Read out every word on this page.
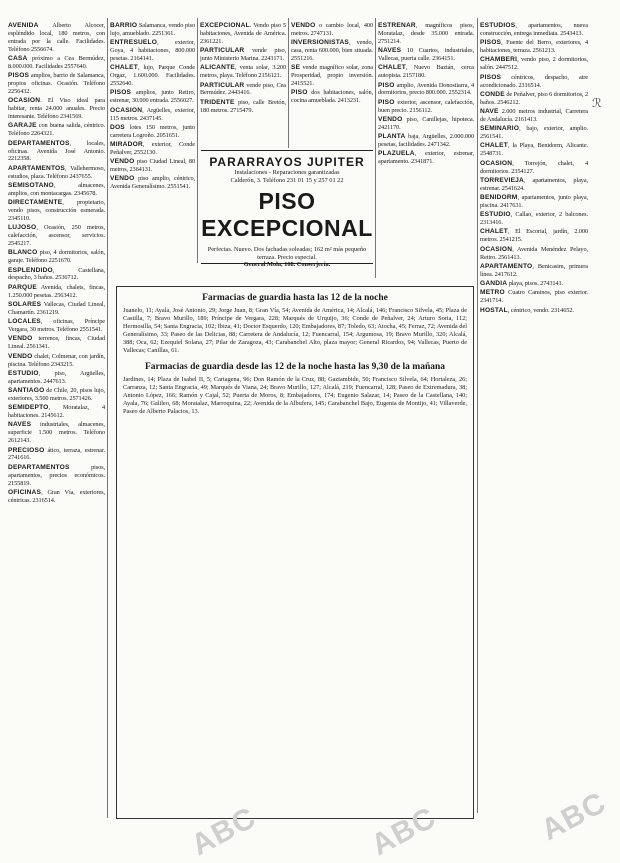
AVENIDA Alberto Alcocer, espléndido local, 180 metros, con entrada por la calle. Facilidades. Teléfono 2556674.

CASA próximo a Cea Bermúdez, 8.000.000. Facilidades 2557640.

PISOS amplios, barrio de Salamanca, propios oficinas. Ocasión. Teléfono 2256432.

OCASION. El Viso ideal para habitar, renta 24.000 anuales. Precio interesante. Teléfono 2341569.

GARAJE con buena salida, céntrico. Teléfono 2264321.

DEPARTAMENTOS, locales, oficinas. Avenida José Antonio. 2212358.

APARTAMENTOS, Vallehermoso, estudios, plaza. Teléfono 2437655.

SEMISOTANO, almacenes, amplios, con montacargas. 2345678.

DIRECTAMENTE, propietario, vendo pisos, construcción esmerada. 2345110.

LUJOSO, Ocasión, 250 metros, calefacción, ascensor, servicios. 2545217.

BLANCO piso, 4 dormitorios, salón, garaje. Teléfono 2251670.

ESPLENDIDO, Castellana, despacho, 3 baños. 2536712.

PARQUE Avenida, chalets, fincas, 1.250.000 pesetas. 2563412.

SOLARES Vallecas, Ciudad Lineal, Chamartín. 2361219.

LOCALES, oficinas, Príncipe Vergara, 30 metros. Teléfono 2551541.

VENDO terrenos, fincas, Ciudad Lineal. 2561341.

VENDO chalet, Colmenar, con jardín, piscina. Teléfono 2343215.

ESTUDIO, piso, Argüelles, apartamentos. 2447613.

SANTIAGO de Chile, 20, pisos lujo, exteriores, 3.500 metros. 2571426.

SEMIDEPTO, Moratalaz, 4 habitaciones. 2145612.

NAVES industriales, almacenes, superficie 1.500 metros. Teléfono 2612143.

PRECIOSO ático, terraza, estrenar. 2741616.

DEPARTAMENTOS pisos, apartamentos, precios económicos. 2155819.

OFICINAS, Gran Vía, exteriores, céntricas. 2316514.

BARRIO Salamanca, vendo piso lujo, amueblado. 2251361.

ENTRESUELO, exterior, Goya, 4 habitaciones, 800.000 pesetas. 2164141.

CHALET, lujo, Parque Conde Orgaz, 1.600.000. Facilidades. 2552640.

PISOS amplios, junto Retiro, estrenar, 30.000 entrada. 2556027.

OCASION, Argüelles, exterior, 115 metros. 2437145.

DOS lotes 150 metros, junto carretera Logroño. 2051651.

MIRADOR, exterior, Conde Peñalver, 2552130.

VENDO piso Ciudad Lineal, 80 metros, 2364131.

VENDO piso amplio, céntrico, Avenida Generalísimo. 2551541.

EXCEPCIONAL. Vendo piso 5 habitaciones, Avenida de América. 2361221.

PARTICULAR vende piso, junto Ministerio Marina. 2243171.

ALICANTE, venta solar, 3.200 metros, playa. Teléfono 2156121.

PARTICULAR vende piso, Cea Bermúdez. 2443416.

TRIDENTE piso, calle Bretón, 180 metros. 2715479.

VENDO o cambio local, 400 metros. 2747131.

INVERSIONISTAS, vendo, casa, renta 600.000, bien situada. 2551216.

SE vende magnífico solar, zona Prosperidad, propio inversión. 2415521.

PISO dos habitaciones, salón, cocina amueblada. 2413231.

ESTRENAR, magníficos pisos, Moratalaz, desde 35.000 entrada. 2751214.

NAVES 10 Cuartos, industriales, Vallecas, puerta calle. 2364151.

CHALET, Nuevo Baztán, cerca autopista. 2157180.

PISO amplio, Avenida Donostiarra, 4 dormitorios, precio 800.000. 2552314.

PISO exterior, ascensor, calefacción, buen precio. 2156112.

VENDO piso, Canillejas, hipoteca. 2421170.

PLANTA baja, Argüelles, 2.000.000 pesetas, facilidades. 2471342.

PLAZUELA, exterior, estrenar, apartamento. 2341871.

ESTUDIOS, apartamentos, nueva construcción, entrega inmediata. 2543413.

PISOS, Fuente del Berro, exteriores, 4 habitaciones, terraza. 2561213.

CHAMBERI, vendo piso, 2 dormitorios, salón. 2447512.

PISOS céntricos, despacho, aire acondicionado. 2316514.

CONDE de Peñalver, piso 6 dormitorios, 2 baños. 2546212.

NAVE 2.000 metros industrial, Carretera de Andalucía. 2161413.

SEMINARIO, bajo, exterior, amplio. 2561541.

CHALET, la Playa, Benidorm, Alicante. 2548731.

OCASION, Torrejón, chalet, 4 dormitorios. 2354127.

TORREVIEJA, apartamentos, playa, estrenar. 2541624.

BENIDORM, apartamentos, junto playa, piscina. 2417631.

ESTUDIO, Callao, exterior, 2 balcones. 2313416.

CHALET, El Escorial, jardín, 2.000 metros. 2541215.

OCASION, Avenida Menéndez Pelayo, Retiro. 2561413.

APARTAMENTO, Benicasim, primera línea. 2417612.

GANDIA playa, pisos. 2743141.

METRO Cuatro Caminos, piso exterior. 2341714.

HOSTAL, céntrico, vendo. 2314652.

PARARRAYOS JUPITER
Instalaciones - Reparaciones garantizadas
Calderón, 3. Teléfono 231 01 15 y 257 01 22
PISO EXCEPCIONAL
Perfectas. Nuevo. Dos fachadas soleadas; 162 m² más pequeño terraza. Precio especial.
General Mola, 168. Conserjería.
Farmacias de guardia hasta las 12 de la noche
Juanelo, 11; Ayala, José Antonio, 29; Jorge Juan, 8; Gran Vía, 54; Avenida de América, 14; Alcalá, 146; Francisco Silvela, 45; Plaza de Castilla, 7; Bravo Murillo, 189; Príncipe de Vergara, 228; Marqués de Urquijo, 36; Conde de Peñalver, 24; Arturo Soria, 112; Hermosilla, 54; Santa Engracia, 102; Ibiza, 41; Doctor Esquerdo, 120; Embajadores, 87; Toledo, 63; Atocha, 45; Ferraz, 72; Avenida del Generalísimo, 33; Paseo de las Delicias, 88; Carretera de Andalucía, 12; Fuencarral, 154; Argumosa, 19; Bravo Murillo, 320; Alcalá, 388; Oca, 62; Ezequiel Solana, 27; Pilar de Zaragoza, 43; Carabanchel Alto, plaza mayor; General Ricardos, 94; Vallecas, Puerto de Vallecas; Canillas, 61.
Farmacias de guardia desde las 12 de la noche hasta las 9,30 de la mañana
Jardines, 14; Plaza de Isabel II, 5; Cartagena, 96; Don Ramón de la Cruz, 88; Gaztambide, 50; Francisco Silvela, 64; Hortaleza, 26; Carranza, 12; Santa Engracia, 49; Marqués de Viana, 24; Bravo Murillo, 127; Alcalá, 219; Fuencarral, 128; Paseo de Extremadura, 38; Antonio López, 166; Ramón y Cajal, 52; Puerta de Moros, 8; Embajadores, 174; Eugenio Salazar, 14; Paseo de la Castellana, 140; Ayala, 76; Galileo, 68; Moratalaz, Marroquina, 22; Avenida de la Albufera, 145; Carabanchel Bajo, Eugenia de Montijo, 41; Villaverde, Paseo de Alberto Palacios, 13.
ℛ
ABC	ABC	ABC
